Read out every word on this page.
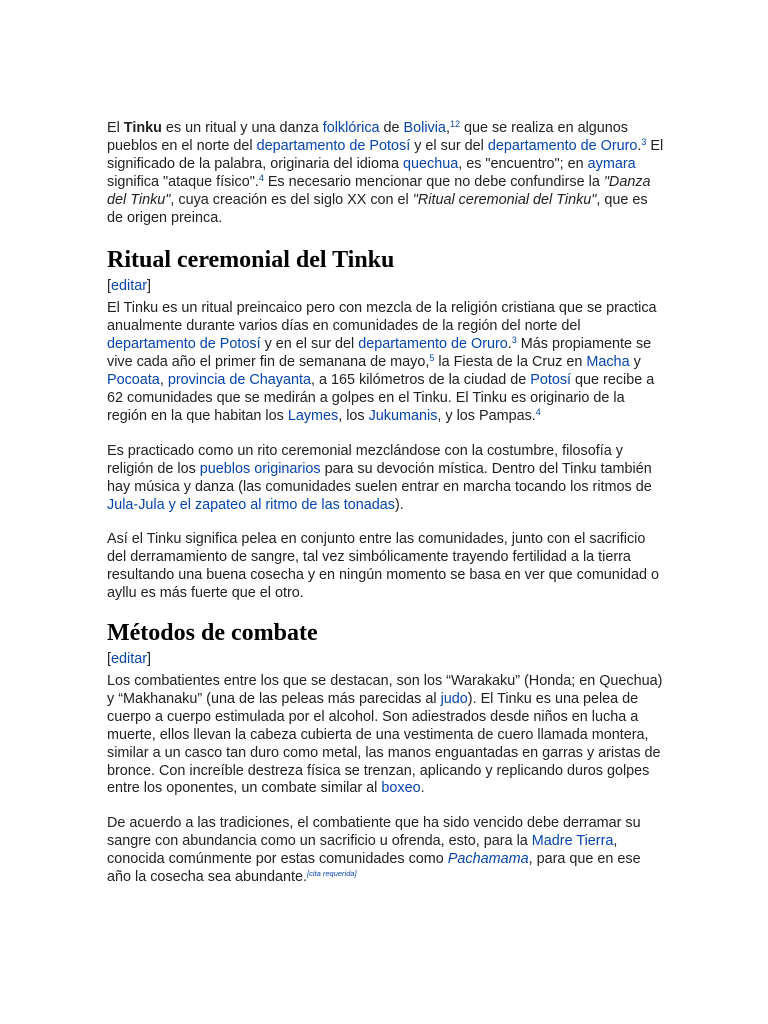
El Tinku es un ritual y una danza folklórica de Bolivia,$^{12}$ que se realiza en algunos pueblos en el norte del departamento de Potosí y el sur del departamento de Oruro.$^3$ El significado de la palabra, originaria del idioma quechua, es "encuentro"; en aymara significa "ataque físico".$^4$ Es necesario mencionar que no debe confundirse la "Danza del Tinku", cuya creación es del siglo XX con el "Ritual ceremonial del Tinku", que es de origen preinca.

Ritual ceremonial del Tinku
[editar]

El Tinku es un ritual preincaico pero con mezcla de la religión cristiana que se practica anualmente durante varios días en comunidades de la región del norte del departamento de Potosí y en el sur del departamento de Oruro.$^3$ Más propiamente se vive cada año el primer fin de semanana de mayo,$^5$ la Fiesta de la Cruz en Macha y Pocoata, provincia de Chayanta, a 165 kilómetros de la ciudad de Potosí que recibe a 62 comunidades que se medirán a golpes en el Tinku. El Tinku es originario de la región en la que habitan los Laymes, los Jukumanis, y los Pampas.$^4$

Es practicado como un rito ceremonial mezclándose con la costumbre, filosofía y religión de los pueblos originarios para su devoción mística. Dentro del Tinku también hay música y danza (las comunidades suelen entrar en marcha tocando los ritmos de Jula-Jula y el zapateo al ritmo de las tonadas).

Así el Tinku significa pelea en conjunto entre las comunidades, junto con el sacrificio del derramamiento de sangre, tal vez simbólicamente trayendo fertilidad a la tierra resultando una buena cosecha y en ningún momento se basa en ver que comunidad o ayllu es más fuerte que el otro.

Métodos de combate
[editar]

Los combatientes entre los que se destacan, son los “Warakaku” (Honda; en Quechua) y “Makhanaku” (una de las peleas más parecidas al judo). El Tinku es una pelea de cuerpo a cuerpo estimulada por el alcohol. Son adiestrados desde niños en lucha a muerte, ellos llevan la cabeza cubierta de una vestimenta de cuero llamada montera, similar a un casco tan duro como metal, las manos enguantadas en garras y aristas de bronce. Con increíble destreza física se trenzan, aplicando y replicando duros golpes entre los oponentes, un combate similar al boxeo.

De acuerdo a las tradiciones, el combatiente que ha sido vencido debe derramar su sangre con abundancia como un sacrificio u ofrenda, esto, para la Madre Tierra, conocida comúnmente por estas comunidades como Pachamama, para que en ese año la cosecha sea abundante.[cita requerida]
